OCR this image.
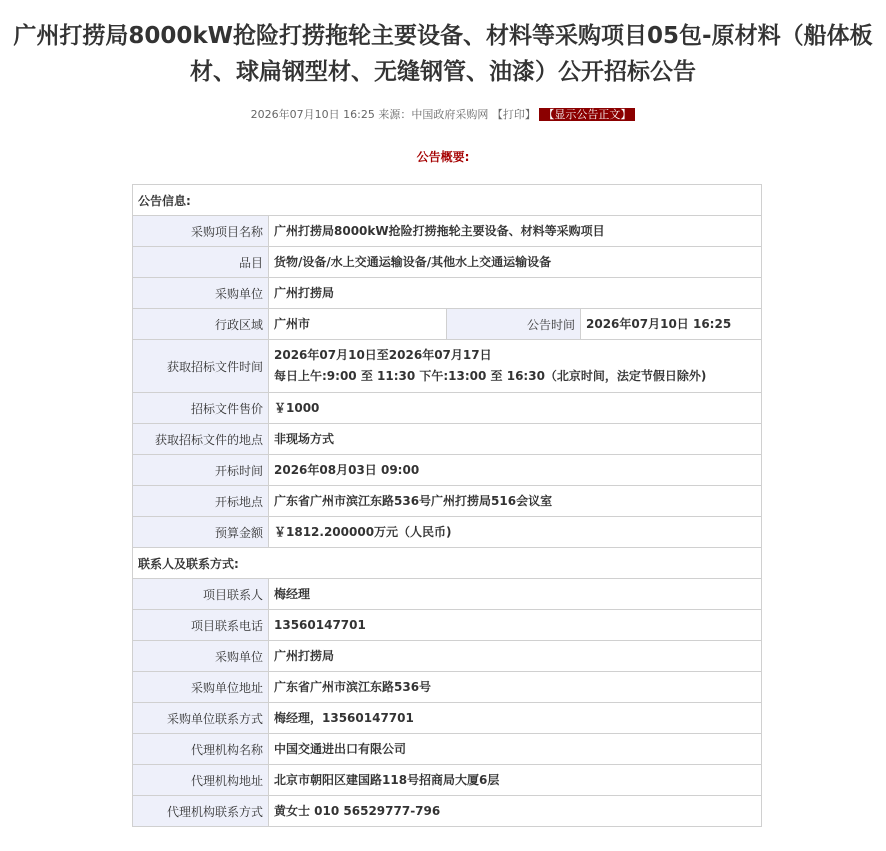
广州打捞局8000kW抢险打捞拖轮主要设备、材料等采购项目05包-原材料（船体板
材、球扁钢型材、无缝钢管、油漆）公开招标公告
2026年07月10日 16:25 来源：中国政府采购网 【打印】 【显示公告正文】
公告概要:
公告信息:			
采购项目名称	广州打捞局8000kW抢险打捞拖轮主要设备、材料等采购项目		
品目	货物/设备/水上交通运输设备/其他水上交通运输设备		
采购单位	广州打捞局		
行政区域	广州市	公告时间	2026年07月10日 16:25
获取招标文件时间	2026年07月10日至2026年07月17日
每日上午:9:00 至 11:30 下午:13:00 至 16:30（北京时间，法定节假日除外)		

招标文件售价	￥1000		
获取招标文件的地点	非现场方式		
开标时间	2026年08月03日 09:00		
开标地点	广东省广州市滨江东路536号广州打捞局516会议室		
预算金额	￥1812.200000万元（人民币)		
联系人及联系方式:			
项目联系人	梅经理		
项目联系电话	13560147701		
采购单位	广州打捞局		
采购单位地址	广东省广州市滨江东路536号		
采购单位联系方式	梅经理，13560147701		
代理机构名称	中国交通进出口有限公司		
代理机构地址	北京市朝阳区建国路118号招商局大厦6层		
代理机构联系方式	黄女士 010 56529777-796		
